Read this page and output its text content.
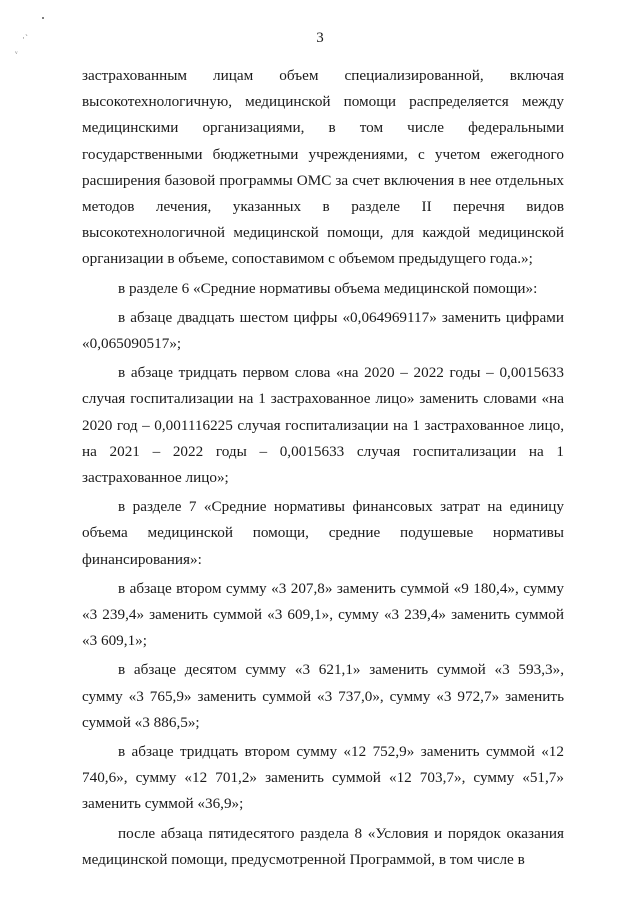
·`
ᵥ
3

застрахованным лицам объем специализированной, включая высокотехнологичную, медицинской помощи распределяется между медицинскими организациями, в том числе федеральными государственными бюджетными учреждениями, с учетом ежегодного расширения базовой программы ОМС за счет включения в нее отдельных методов лечения, указанных в разделе II перечня видов высокотехнологичной медицинской помощи, для каждой медицинской организации в объеме, сопоставимом с объемом предыдущего года.»;

в разделе 6 «Средние нормативы объема медицинской помощи»:

в абзаце двадцать шестом цифры «0,064969117» заменить цифрами «0,065090517»;

в абзаце тридцать первом слова «на 2020 – 2022 годы – 0,0015633 случая госпитализации на 1 застрахованное лицо» заменить словами «на 2020 год – 0,001116225 случая госпитализации на 1 застрахованное лицо, на 2021 – 2022 годы – 0,0015633 случая госпитализации на 1 застрахованное лицо»;

в разделе 7 «Средние нормативы финансовых затрат на единицу объема медицинской помощи, средние подушевые нормативы финансирования»:

в абзаце втором сумму «3 207,8» заменить суммой «9 180,4», сумму «3 239,4» заменить суммой «3 609,1», сумму «3 239,4» заменить суммой «3 609,1»;

в абзаце десятом сумму «3 621,1» заменить суммой «3 593,3», сумму «3 765,9» заменить суммой «3 737,0», сумму «3 972,7» заменить суммой «3 886,5»;

в абзаце тридцать втором сумму «12 752,9» заменить суммой «12 740,6», сумму «12 701,2» заменить суммой «12 703,7», сумму «51,7» заменить суммой «36,9»;

после абзаца пятидесятого раздела 8 «Условия и порядок оказания медицинской помощи, предусмотренной Программой, в том числе в
